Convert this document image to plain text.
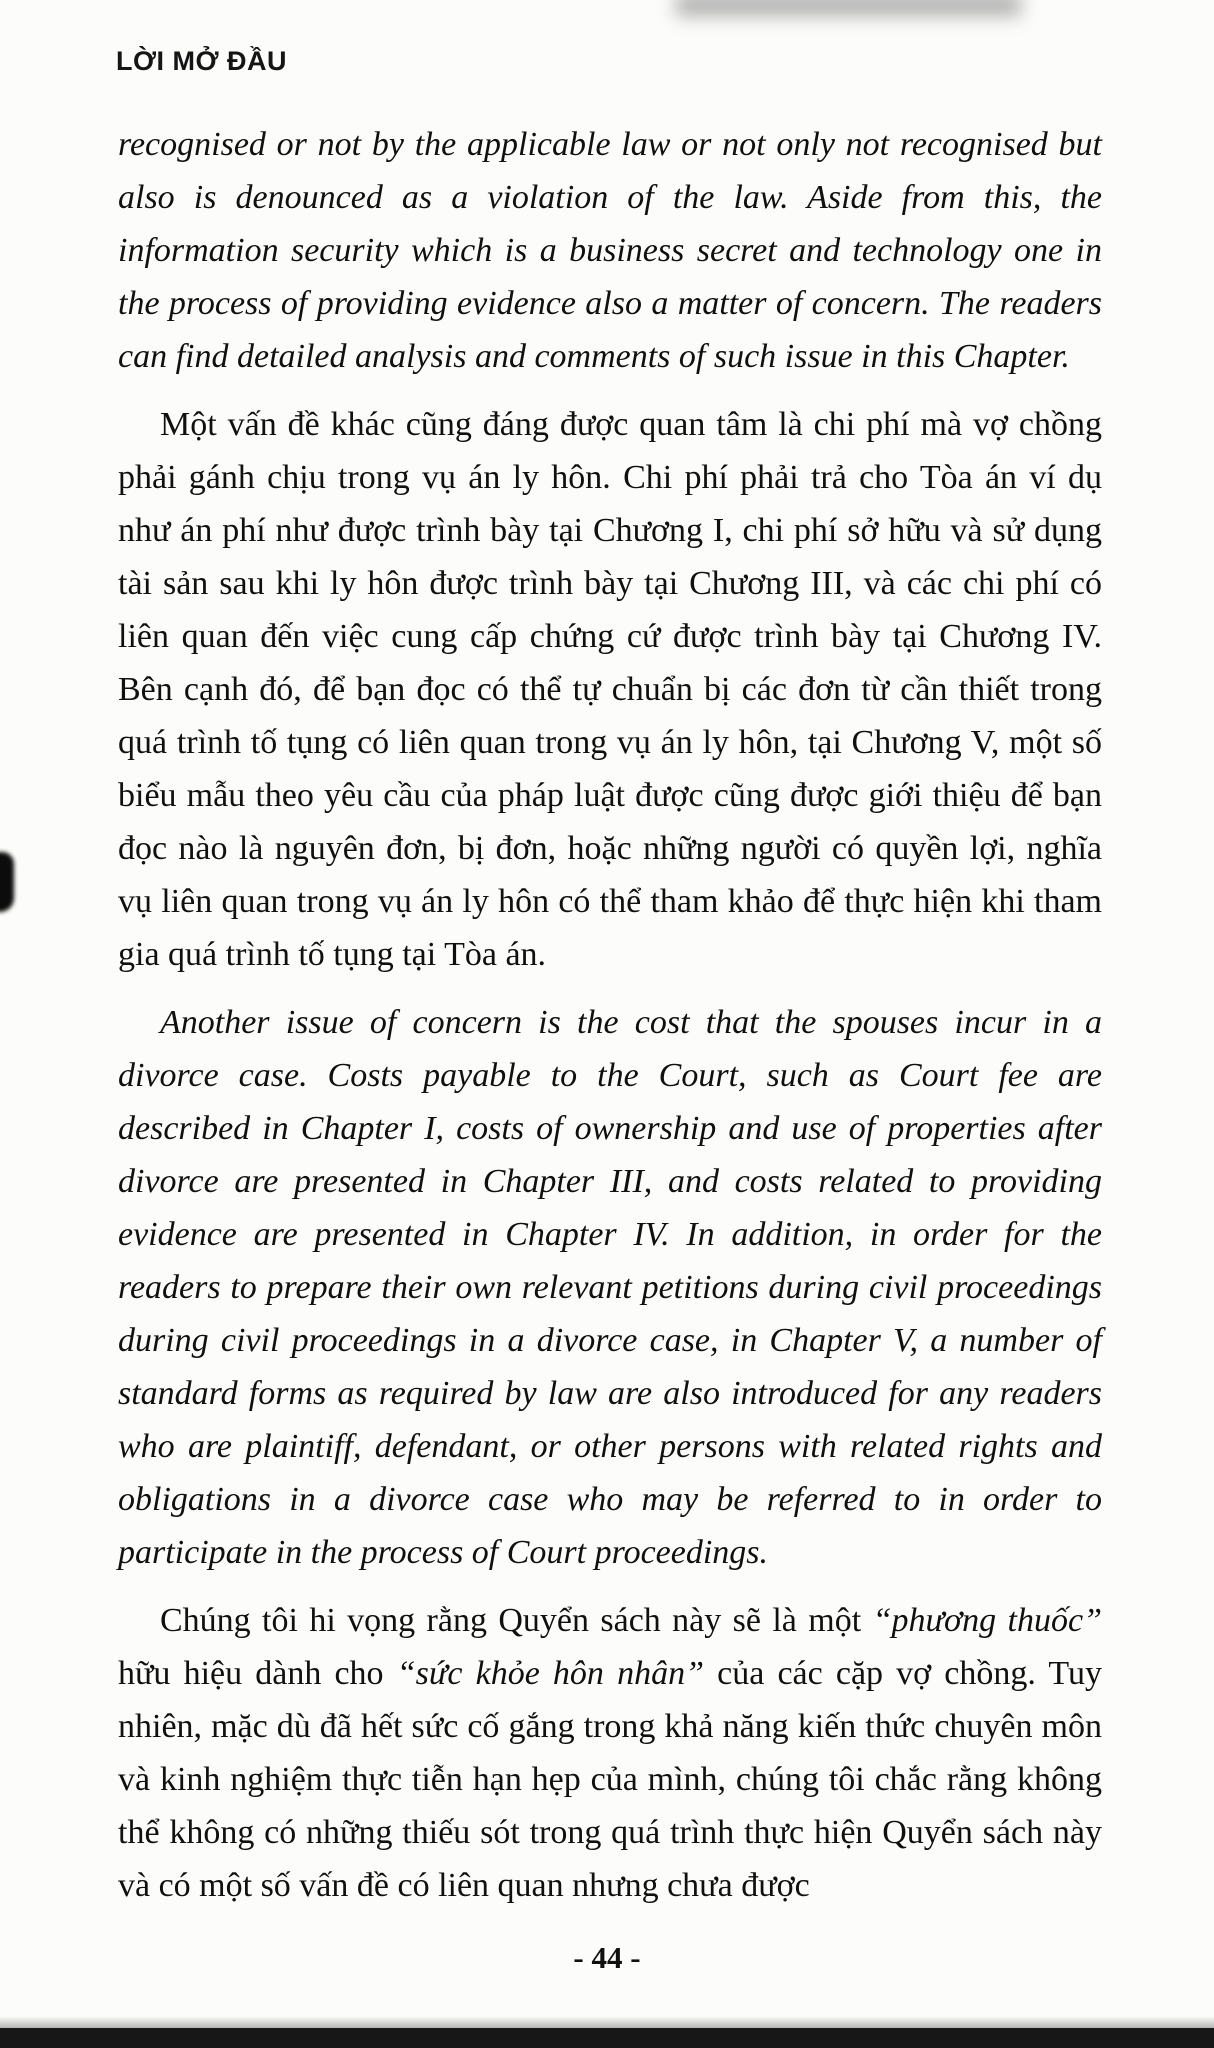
LỜI MỞ ĐẦU

recognised or not by the applicable law or not only not recognised but also is denounced as a violation of the law. Aside from this, the information security which is a business secret and technology one in the process of providing evidence also a matter of concern. The readers can find detailed analysis and comments of such issue in this Chapter.

Một vấn đề khác cũng đáng được quan tâm là chi phí mà vợ chồng phải gánh chịu trong vụ án ly hôn. Chi phí phải trả cho Tòa án ví dụ như án phí như được trình bày tại Chương I, chi phí sở hữu và sử dụng tài sản sau khi ly hôn được trình bày tại Chương III, và các chi phí có liên quan đến việc cung cấp chứng cứ được trình bày tại Chương IV. Bên cạnh đó, để bạn đọc có thể tự chuẩn bị các đơn từ cần thiết trong quá trình tố tụng có liên quan trong vụ án ly hôn, tại Chương V, một số biểu mẫu theo yêu cầu của pháp luật được cũng được giới thiệu để bạn đọc nào là nguyên đơn, bị đơn, hoặc những người có quyền lợi, nghĩa vụ liên quan trong vụ án ly hôn có thể tham khảo để thực hiện khi tham gia quá trình tố tụng tại Tòa án.

Another issue of concern is the cost that the spouses incur in a divorce case. Costs payable to the Court, such as Court fee are described in Chapter I, costs of ownership and use of properties after divorce are presented in Chapter III, and costs related to providing evidence are presented in Chapter IV. In addition, in order for the readers to prepare their own relevant petitions during civil proceedings during civil proceedings in a divorce case, in Chapter V, a number of standard forms as required by law are also introduced for any readers who are plaintiff, defendant, or other persons with related rights and obligations in a divorce case who may be referred to in order to participate in the process of Court proceedings.

Chúng tôi hi vọng rằng Quyển sách này sẽ là một “phương thuốc” hữu hiệu dành cho “sức khỏe hôn nhân” của các cặp vợ chồng. Tuy nhiên, mặc dù đã hết sức cố gắng trong khả năng kiến thức chuyên môn và kinh nghiệm thực tiễn hạn hẹp của mình, chúng tôi chắc rằng không thể không có những thiếu sót trong quá trình thực hiện Quyển sách này và có một số vấn đề có liên quan nhưng chưa được

- 44 -
